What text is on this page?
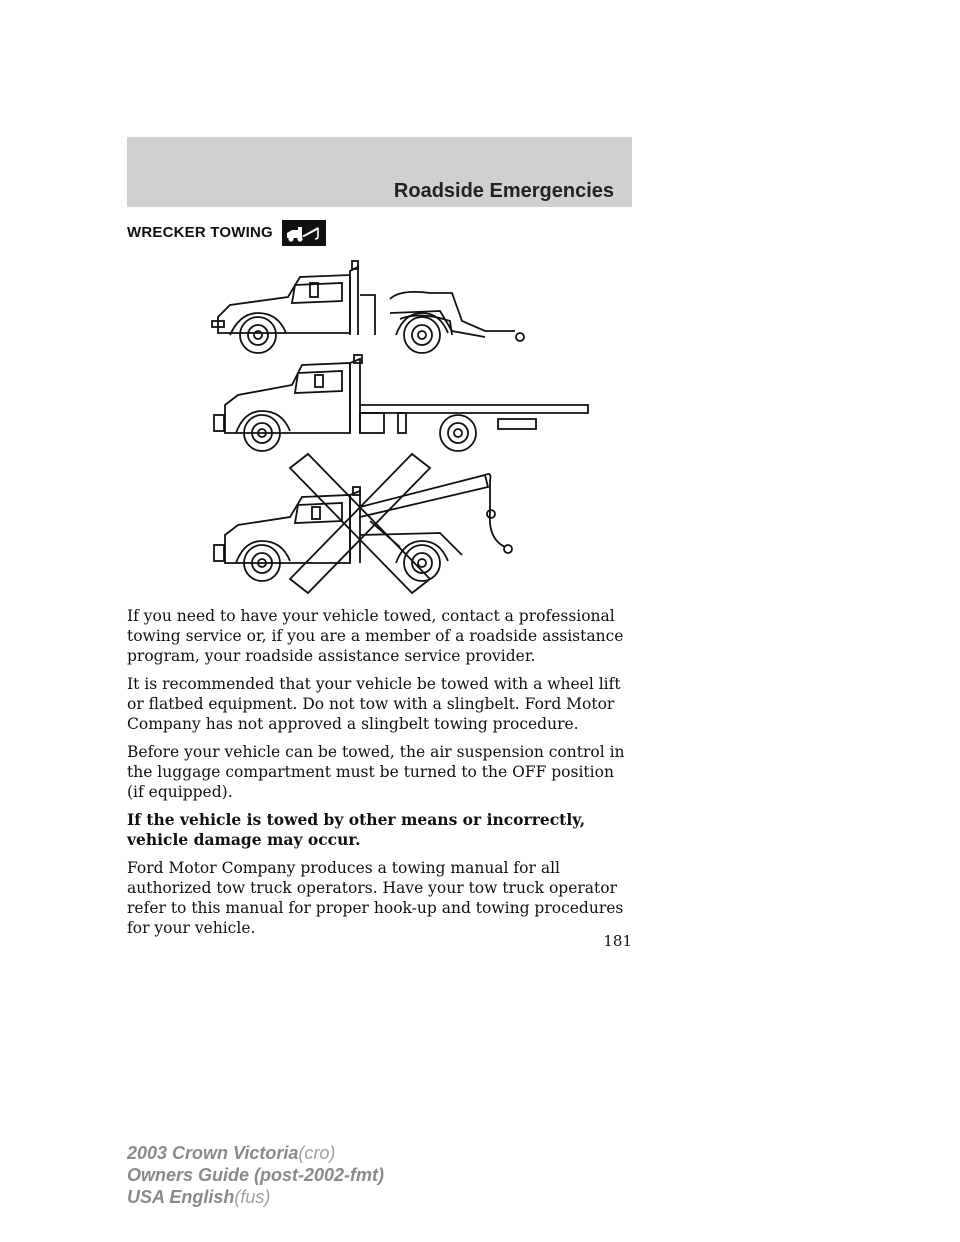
Roadside Emergencies
WRECKER TOWING

If you need to have your vehicle towed, contact a professional towing service or, if you are a member of a roadside assistance program, your roadside assistance service provider.

It is recommended that your vehicle be towed with a wheel lift or flatbed equipment. Do not tow with a slingbelt. Ford Motor Company has not approved a slingbelt towing procedure.

Before your vehicle can be towed, the air suspension control in the luggage compartment must be turned to the OFF position (if equipped).

If the vehicle is towed by other means or incorrectly, vehicle damage may occur.

Ford Motor Company produces a towing manual for all authorized tow truck operators. Have your tow truck operator refer to this manual for proper hook-up and towing procedures for your vehicle.

181
2003 Crown Victoria(cro)
Owners Guide (post-2002-fmt)
USA English(fus)
